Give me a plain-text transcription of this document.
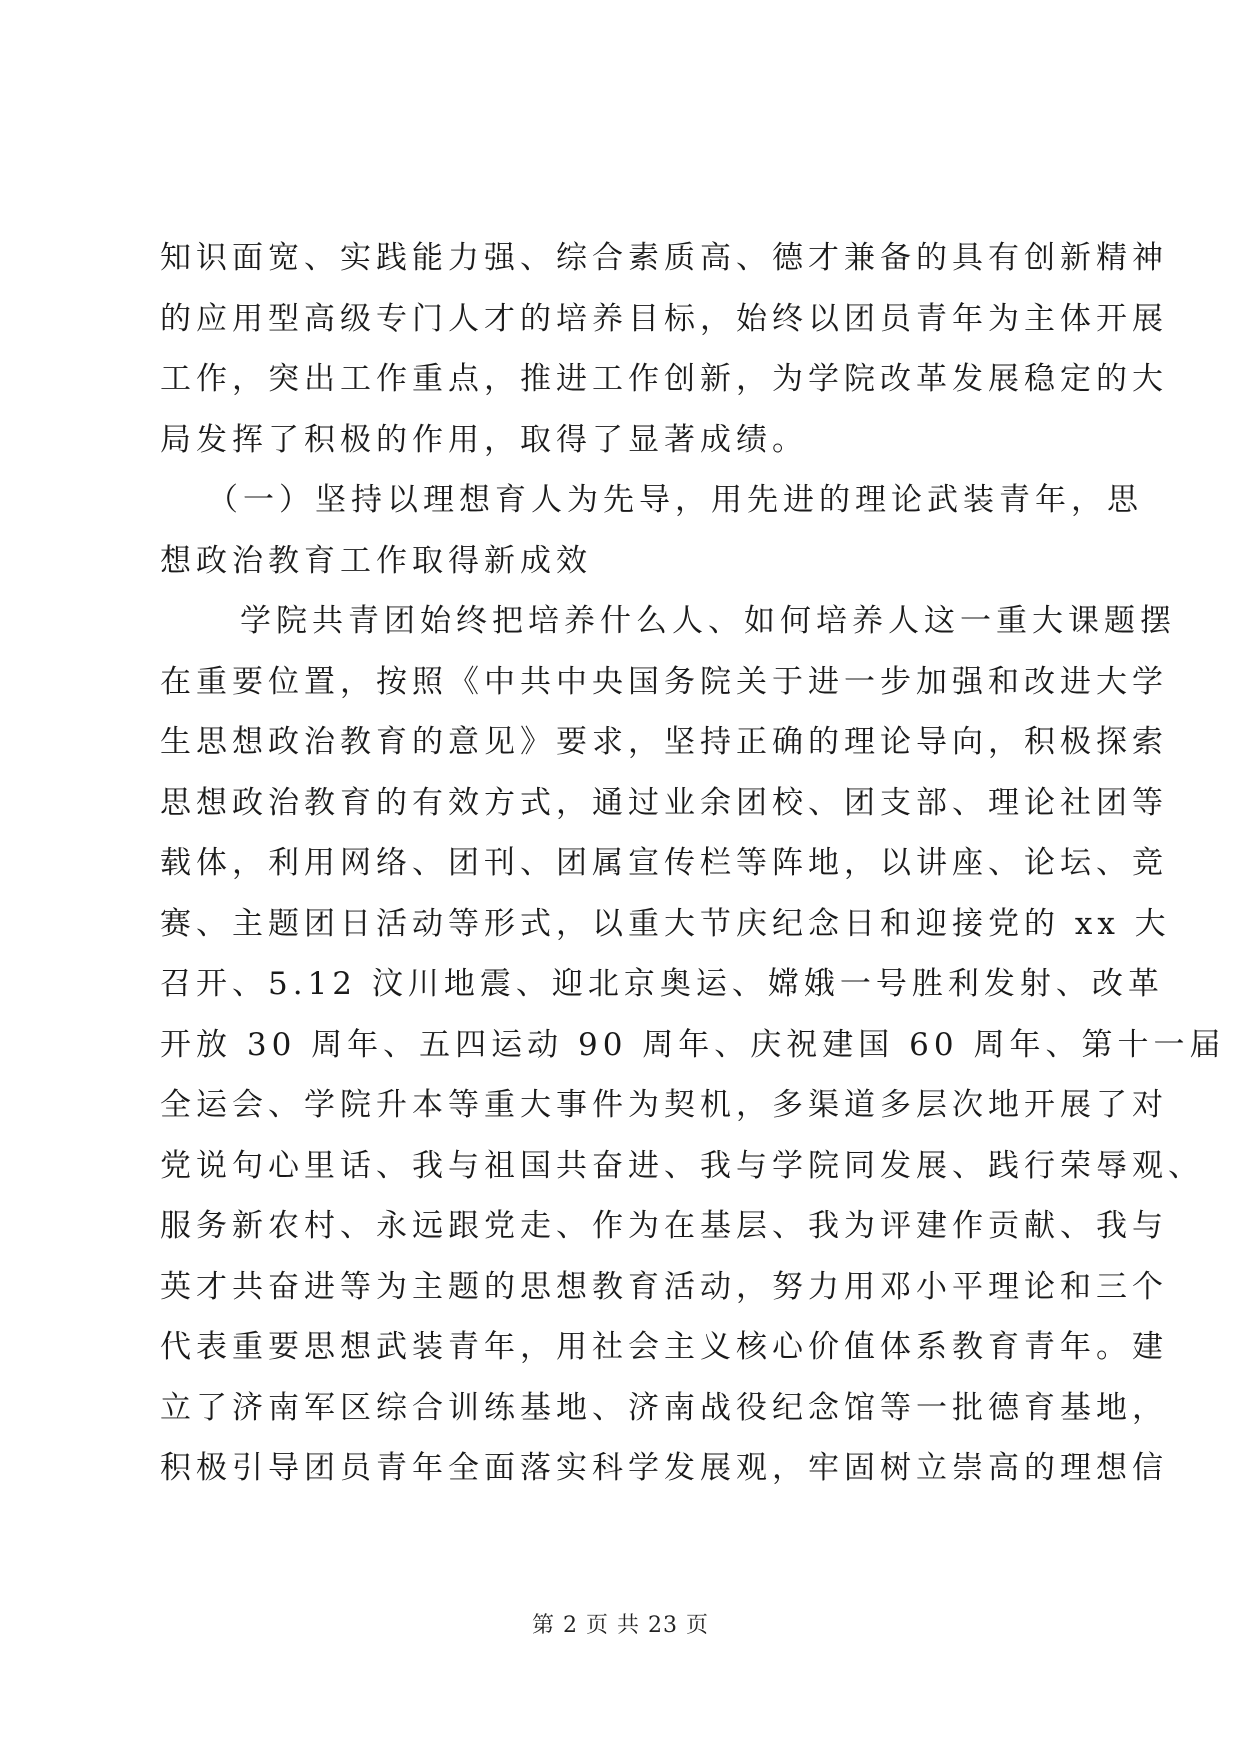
知识面宽、实践能力强、综合素质高、德才兼备的具有创新精神
的应用型高级专门人才的培养目标，始终以团员青年为主体开展
工作，突出工作重点，推进工作创新，为学院改革发展稳定的大
局发挥了积极的作用，取得了显著成绩。
（一）坚持以理想育人为先导，用先进的理论武装青年，思
想政治教育工作取得新成效
学院共青团始终把培养什么人、如何培养人这一重大课题摆
在重要位置，按照《中共中央国务院关于进一步加强和改进大学
生思想政治教育的意见》要求，坚持正确的理论导向，积极探索
思想政治教育的有效方式，通过业余团校、团支部、理论社团等
载体，利用网络、团刊、团属宣传栏等阵地，以讲座、论坛、竞
赛、主题团日活动等形式，以重大节庆纪念日和迎接党的 xx 大
召开、5.12 汶川地震、迎北京奥运、嫦娥一号胜利发射、改革
开放 30 周年、五四运动 90 周年、庆祝建国 60 周年、第十一届
全运会、学院升本等重大事件为契机，多渠道多层次地开展了对
党说句心里话、我与祖国共奋进、我与学院同发展、践行荣辱观、
服务新农村、永远跟党走、作为在基层、我为评建作贡献、我与
英才共奋进等为主题的思想教育活动，努力用邓小平理论和三个
代表重要思想武装青年，用社会主义核心价值体系教育青年。建
立了济南军区综合训练基地、济南战役纪念馆等一批德育基地，
积极引导团员青年全面落实科学发展观，牢固树立崇高的理想信
第 2 页 共 23 页
